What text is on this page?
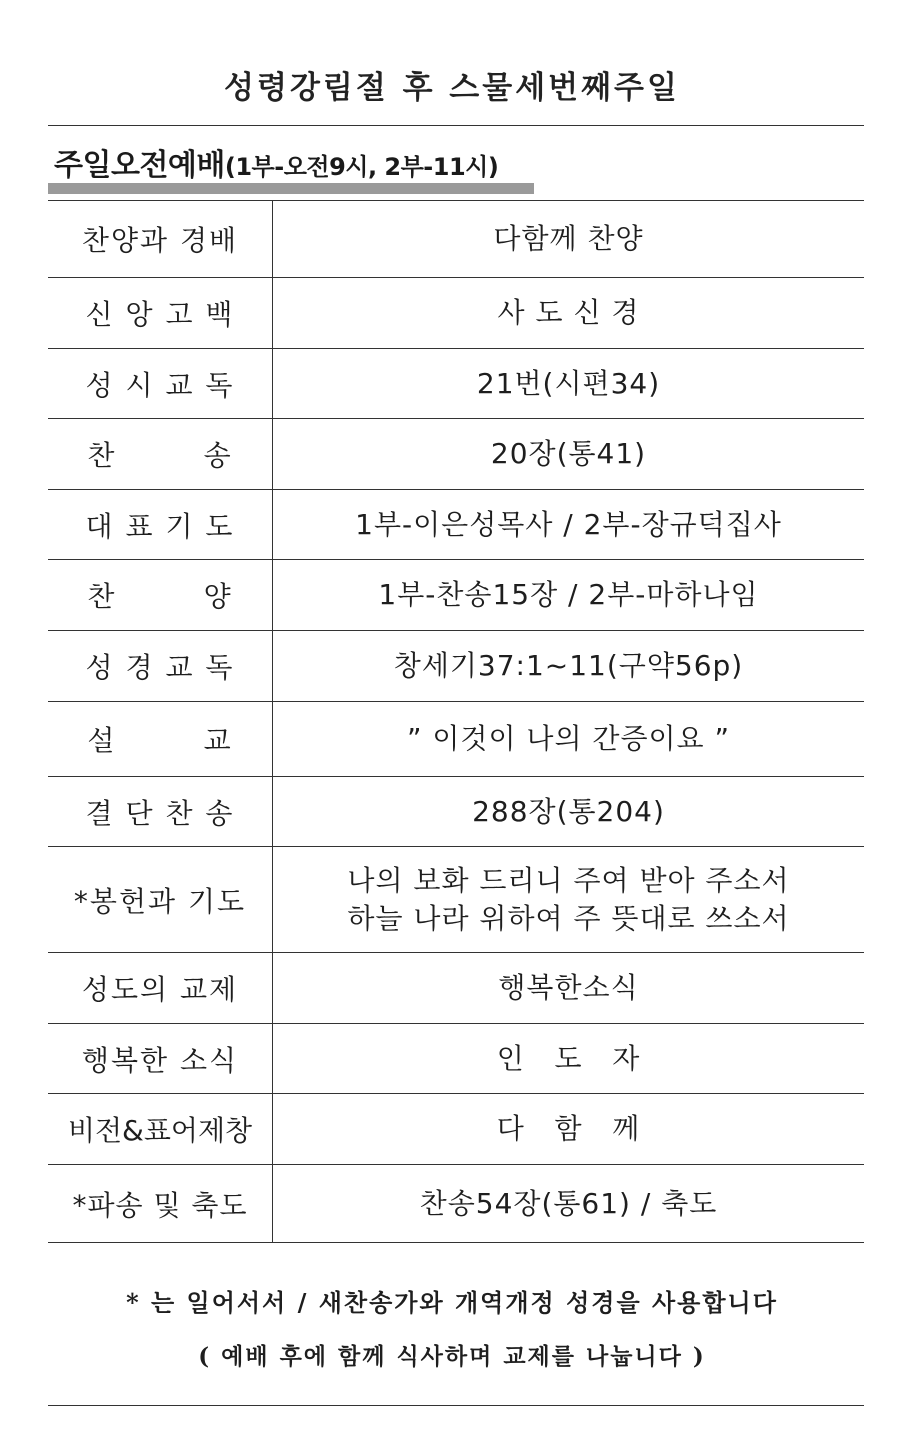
성령강림절 후 스물세번째주일
주일오전예배(1부-오전9시, 2부-11시)
찬양과 경배	다함께 찬양
신 앙 고 백	사 도 신 경
성 시 교 독	21번(시편34)
찬        송	20장(통41)
대 표 기 도	1부-이은성목사 / 2부-장규덕집사
찬        양	1부-찬송15장 / 2부-마하나임
성 경 교 독	창세기37:1~11(구약56p)
설        교	” 이것이 나의 간증이요 ”
결 단 찬 송	288장(통204)
*봉헌과 기도	나의 보화 드리니 주여 받아 주소서
하늘 나라 위하여 주 뜻대로 쓰소서

성도의 교제	행복한소식
행복한 소식	인   도   자
비전&표어제창	다   함   께
*파송 및 축도	찬송54장(통61) / 축도
* 는 일어서서 / 새찬송가와 개역개정 성경을 사용합니다
( 예배 후에 함께 식사하며 교제를 나눕니다 )
